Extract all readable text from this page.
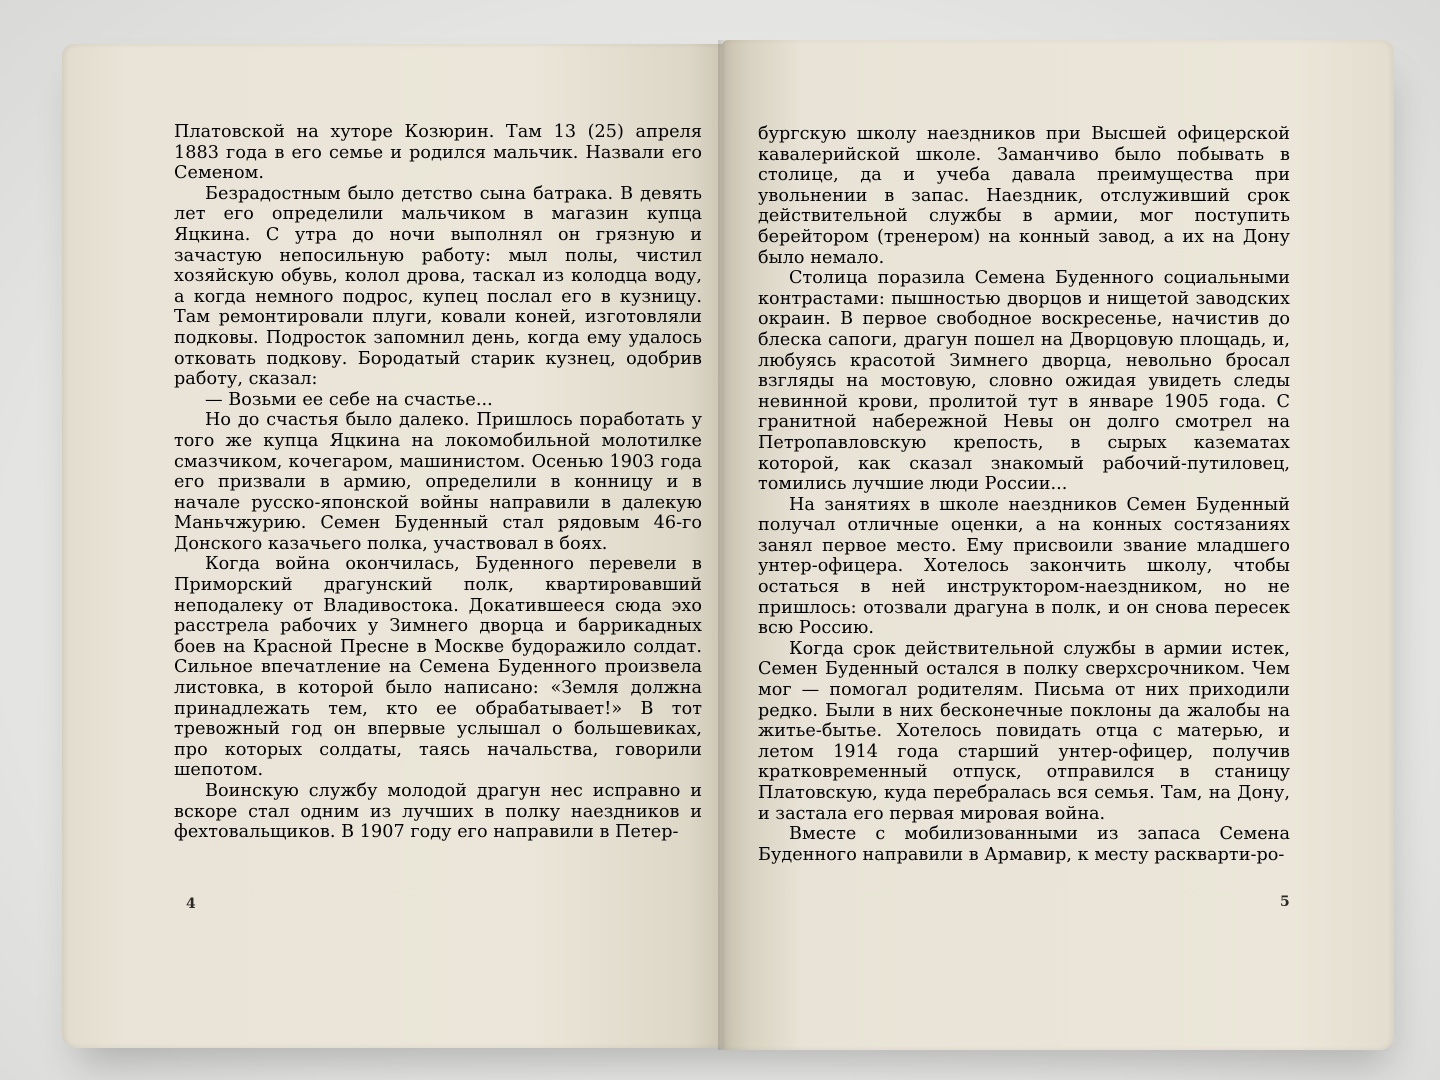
Платовской на хуторе Козюрин. Там 13 (25) апреля 1883 года в его семье и родился мальчик. Назвали его Семеном.

Безрадостным было детство сына батрака. В девять лет его определили мальчиком в магазин купца Яцкина. С утра до ночи выполнял он грязную и зачастую непосильную работу: мыл полы, чистил хозяйскую обувь, колол дрова, таскал из колодца воду, а когда немного подрос, купец послал его в кузницу. Там ремонтировали плуги, ковали коней, изготовляли подковы. Подросток запомнил день, когда ему удалось отковать подкову. Бородатый старик кузнец, одобрив работу, сказал:

— Возьми ее себе на счастье...

Но до счастья было далеко. Пришлось поработать у того же купца Яцкина на локомобильной молотилке смазчиком, кочегаром, машинистом. Осенью 1903 года его призвали в армию, определили в конницу и в начале русско-японской войны направили в далекую Маньчжурию. Семен Буденный стал рядовым 46-го Донского казачьего полка, участвовал в боях.

Когда война окончилась, Буденного перевели в Приморский драгунский полк, квартировавший неподалеку от Владивостока. Докатившееся сюда эхо расстрела рабочих у Зимнего дворца и баррикадных боев на Красной Пресне в Москве будоражило солдат. Сильное впечатление на Семена Буденного произвела листовка, в которой было написано: «Земля должна принадлежать тем, кто ее обрабатывает!» В тот тревожный год он впервые услышал о большевиках, про которых солдаты, таясь начальства, говорили шепотом.

Воинскую службу молодой драгун нес исправно и вскоре стал одним из лучших в полку наездников и фехтовальщиков. В 1907 году его направили в Петер-

4

бургскую школу наездников при Высшей офицерской кавалерийской школе. Заманчиво было побывать в столице, да и учеба давала преимущества при увольнении в запас. Наездник, отслуживший срок действительной службы в армии, мог поступить берейтором (тренером) на конный завод, а их на Дону было немало.

Столица поразила Семена Буденного социальными контрастами: пышностью дворцов и нищетой заводских окраин. В первое свободное воскресенье, начистив до блеска сапоги, драгун пошел на Дворцовую площадь, и, любуясь красотой Зимнего дворца, невольно бросал взгляды на мостовую, словно ожидая увидеть следы невинной крови, пролитой тут в январе 1905 года. С гранитной набережной Невы он долго смотрел на Петропавловскую крепость, в сырых казематах которой, как сказал знакомый рабочий-путиловец, томились лучшие люди России...

На занятиях в школе наездников Семен Буденный получал отличные оценки, а на конных состязаниях занял первое место. Ему присвоили звание младшего унтер-офицера. Хотелось закончить школу, чтобы остаться в ней инструктором-наездником, но не пришлось: отозвали драгуна в полк, и он снова пересек всю Россию.

Когда срок действительной службы в армии истек, Семен Буденный остался в полку сверхсрочником. Чем мог — помогал родителям. Письма от них приходили редко. Были в них бесконечные поклоны да жалобы на житье-бытье. Хотелось повидать отца с матерью, и летом 1914 года старший унтер-офицер, получив кратковременный отпуск, отправился в станицу Платовскую, куда перебралась вся семья. Там, на Дону, и застала его первая мировая война.

Вместе с мобилизованными из запаса Семена Буденного направили в Армавир, к месту раскварти-ро-

5
